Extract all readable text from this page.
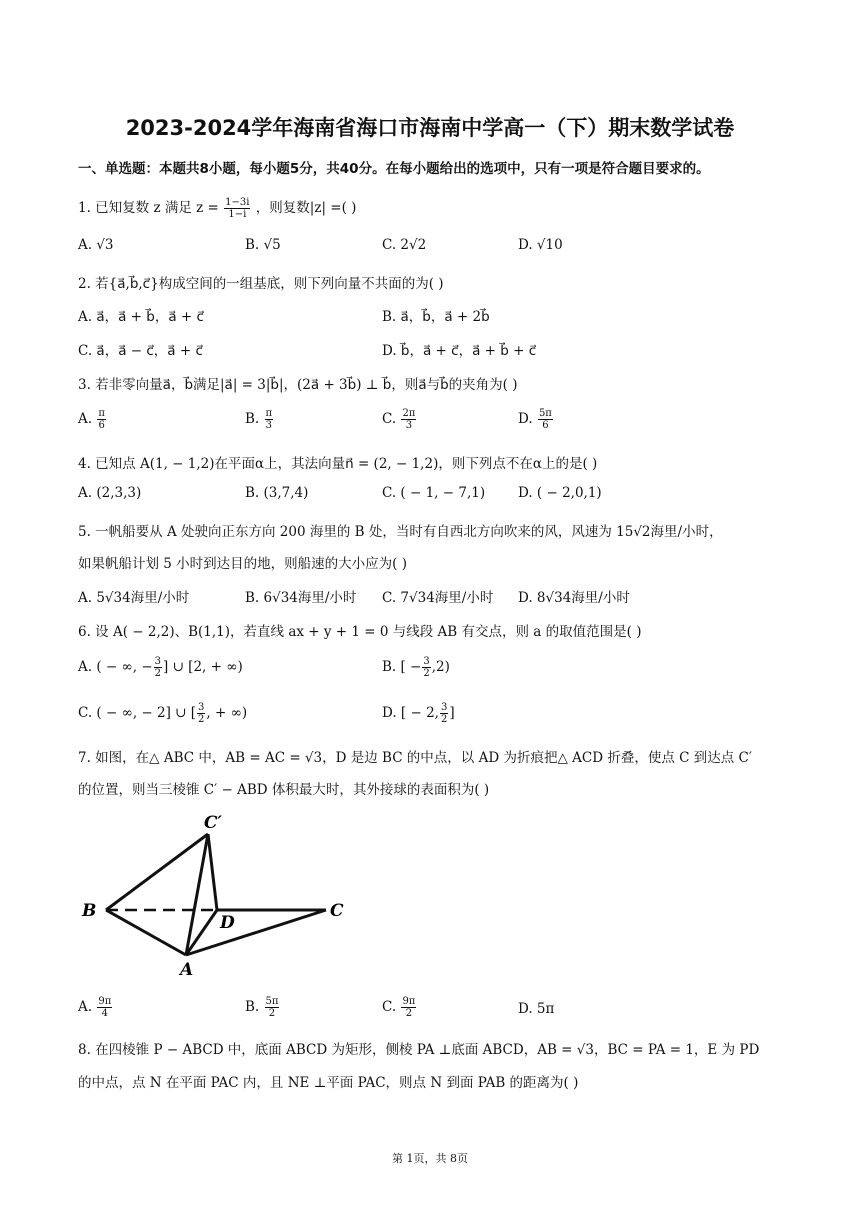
2023-2024学年海南省海口市海南中学高一（下）期末数学试卷
一、单选题：本题共8小题，每小题5分，共40分。在每小题给出的选项中，只有一项是符合题目要求的。
1. 已知复数 z 满足 $z = \frac{1-3i}{1-i}$ ，则复数|z| =( )
A. √3	B. √5	C. 2√2	D. √10
2. 若{a⃗,b⃗,c⃗}构成空间的一组基底，则下列向量不共面的为( )
A. a⃗，a⃗ + b⃗，a⃗ + c⃗	B. a⃗，b⃗，a⃗ + 2b⃗
C. a⃗，a⃗ − c⃗，a⃗ + c⃗	D. b⃗，a⃗ + c⃗，a⃗ + b⃗ + c⃗
3. 若非零向量a⃗，b⃗满足|a⃗| = 3|b⃗|，(2a⃗ + 3b⃗) ⊥ b⃗，则a⃗与b⃗的夹角为( )
A. $\frac{\pi}{6}$	B. $\frac{\pi}{3}$	C. $\frac{2\pi}{3}$	D. $\frac{5\pi}{6}$
4. 已知点 A(1, − 1,2)在平面α上，其法向量n⃗ = (2, − 1,2)，则下列点不在α上的是( )
A. (2,3,3)	B. (3,7,4)	C. ( − 1, − 7,1) D. ( − 2,0,1)
5. 一帆船要从 A 处驶向正东方向 200 海里的 B 处，当时有自西北方向吹来的风，风速为 15√2海里/小时，
如果帆船计划 5 小时到达目的地，则船速的大小应为( )
A. 5√34海里/小时	B. 6√34海里/小时 C. 7√34海里/小时 D. 8√34海里/小时
6. 设 A( − 2,2)、B(1,1)，若直线 ax + y + 1 = 0 与线段 AB 有交点，则 a 的取值范围是( )
A. ( − ∞, − $\frac{3}{2}$ ] ∪ [2, + ∞)	B. [ − $\frac{3}{2} ,2$)
C. ( − ∞, − 2] ∪ [ $\frac{3}{2}$ , + ∞)	D. [ − 2, $\frac{3}{2}$ ]
7. 如图，在△ ABC 中，AB = AC = √3，D 是边 BC 的中点，以 AD 为折痕把△ ACD 折叠，使点 C 到达点 C′
的位置，则当三棱锥 C′ − ABD 体积最大时，其外接球的表面积为( )
C′
B
D
C
A
A. $\frac{9\pi}{4}$	B. $\frac{5\pi}{2}$	C. $\frac{9\pi}{2}$	D. 5π
8. 在四棱锥 P − ABCD 中，底面 ABCD 为矩形，侧棱 PA ⊥底面 ABCD，AB = √3，BC = PA = 1，E 为 PD
的中点，点 N 在平面 PAC 内，且 NE ⊥平面 PAC，则点 N 到面 PAB 的距离为( )
第 1页，共 8页
